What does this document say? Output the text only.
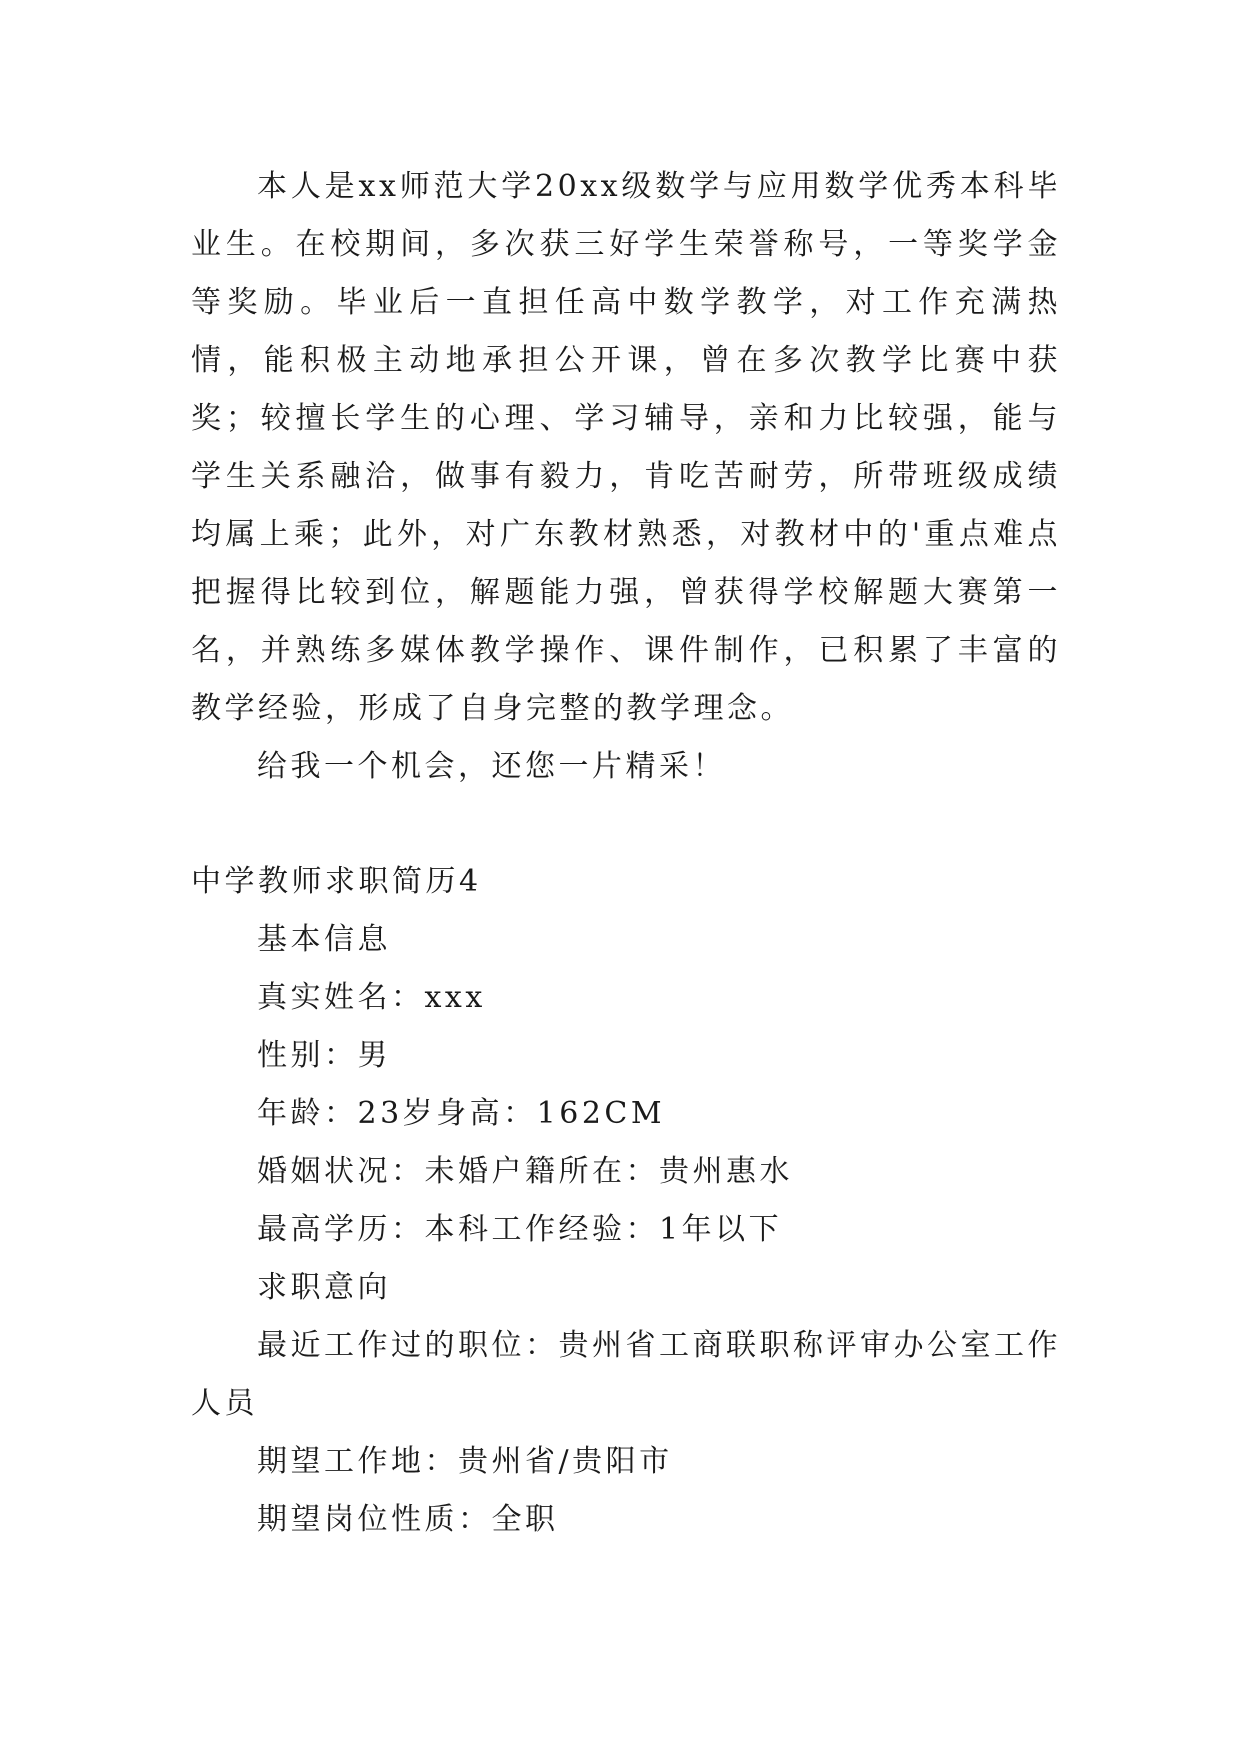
本人是xx师范大学20xx级数学与应用数学优秀本科毕业生。在校期间，多次获三好学生荣誉称号，一等奖学金等奖励。毕业后一直担任高中数学教学，对工作充满热情，能积极主动地承担公开课，曾在多次教学比赛中获奖；较擅长学生的心理、学习辅导，亲和力比较强，能与学生关系融洽，做事有毅力，肯吃苦耐劳，所带班级成绩均属上乘；此外，对广东教材熟悉，对教材中的'重点难点把握得比较到位，解题能力强，曾获得学校解题大赛第一名，并熟练多媒体教学操作、课件制作，已积累了丰富的教学经验，形成了自身完整的教学理念。

给我一个机会，还您一片精采！

中学教师求职简历4

基本信息

真实姓名：xxx

性别：男

年龄：23岁身高：162CM

婚姻状况：未婚户籍所在：贵州惠水

最高学历：本科工作经验：1年以下

求职意向

最近工作过的职位：贵州省工商联职称评审办公室工作人员

期望工作地：贵州省/贵阳市

期望岗位性质：全职
